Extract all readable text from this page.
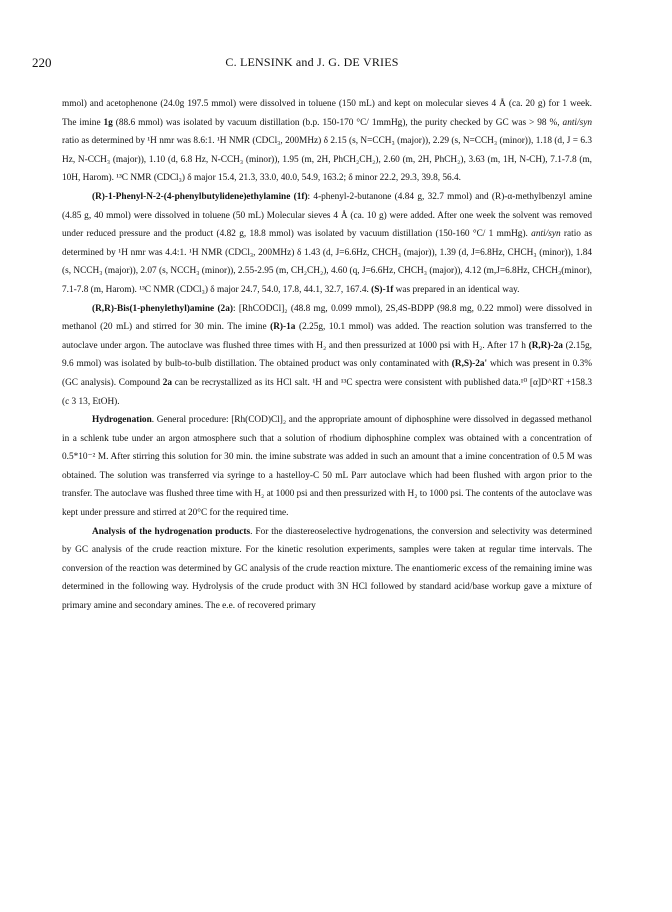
220	C. LENSINK and J. G. DE VRIES

mmol) and acetophenone (24.0g 197.5 mmol) were dissolved in toluene (150 mL) and kept on molecular sieves 4 Å (ca. 20 g) for 1 week. The imine 1g (88.6 mmol) was isolated by vacuum distillation (b.p. 150-170 °C/ 1mmHg), the purity checked by GC was > 98 %, anti/syn ratio as determined by ¹H nmr was 8.6:1. ¹H NMR (CDCl₃, 200MHz) δ 2.15 (s, N=CCH₃ (major)), 2.29 (s, N=CCH₃ (minor)), 1.18 (d, J = 6.3 Hz, N-CCH₃ (major)), 1.10 (d, 6.8 Hz, N-CCH₃ (minor)), 1.95 (m, 2H, PhCH₂CH₂), 2.60 (m, 2H, PhCH₂), 3.63 (m, 1H, N-CH), 7.1-7.8 (m, 10H, Harom). ¹³C NMR (CDCl₃) δ major 15.4, 21.3, 33.0, 40.0, 54.9, 163.2; δ minor 22.2, 29.3, 39.8, 56.4.

(R)-1-Phenyl-N-2-(4-phenylbutylidene)ethylamine (1f): 4-phenyl-2-butanone (4.84 g, 32.7 mmol) and (R)-α-methylbenzyl amine (4.85 g, 40 mmol) were dissolved in toluene (50 mL) Molecular sieves 4 Å (ca. 10 g) were added. After one week the solvent was removed under reduced pressure and the product (4.82 g, 18.8 mmol) was isolated by vacuum distillation (150-160 °C/ 1 mmHg). anti/syn ratio as determined by ¹H nmr was 4.4:1. ¹H NMR (CDCl₃, 200MHz) δ 1.43 (d, J=6.6Hz, CHCH₃ (major)), 1.39 (d, J=6.8Hz, CHCH₃ (minor)), 1.84 (s, NCCH₃ (major)), 2.07 (s, NCCH₃ (minor)), 2.55-2.95 (m, CH₂CH₂), 4.60 (q, J=6.6Hz, CHCH₃ (major)), 4.12 (m,J=6.8Hz, CHCH₃(minor), 7.1-7.8 (m, Harom). ¹³C NMR (CDCl₃) δ major 24.7, 54.0, 17.8, 44.1, 32.7, 167.4. (S)-1f was prepared in an identical way.

(R,R)-Bis(1-phenylethyl)amine (2a): [RhCODCl]₂ (48.8 mg, 0.099 mmol), 2S,4S-BDPP (98.8 mg, 0.22 mmol) were dissolved in methanol (20 mL) and stirred for 30 min. The imine (R)-1a (2.25g, 10.1 mmol) was added. The reaction solution was transferred to the autoclave under argon. The autoclave was flushed three times with H₂ and then pressurized at 1000 psi with H₂. After 17 h (R,R)-2a (2.15g, 9.6 mmol) was isolated by bulb-to-bulb distillation. The obtained product was only contaminated with (R,S)-2a' which was present in 0.3% (GC analysis). Compound 2a can be recrystallized as its HCl salt. ¹H and ¹³C spectra were consistent with published data.¹⁰ [α]D^RT +158.3 (c 3 13, EtOH).

Hydrogenation. General procedure: [Rh(COD)Cl]₂ and the appropriate amount of diphosphine were dissolved in degassed methanol in a schlenk tube under an argon atmosphere such that a solution of rhodium diphosphine complex was obtained with a concentration of 0.5*10⁻² M. After stirring this solution for 30 min. the imine substrate was added in such an amount that a imine concentration of 0.5 M was obtained. The solution was transferred via syringe to a hastelloy-C 50 mL Parr autoclave which had been flushed with argon prior to the transfer. The autoclave was flushed three time with H₂ at 1000 psi and then pressurized with H₂ to 1000 psi. The contents of the autoclave was kept under pressure and stirred at 20°C for the required time.

Analysis of the hydrogenation products. For the diastereoselective hydrogenations, the conversion and selectivity was determined by GC analysis of the crude reaction mixture. For the kinetic resolution experiments, samples were taken at regular time intervals. The conversion of the reaction was determined by GC analysis of the crude reaction mixture. The enantiomeric excess of the remaining imine was determined in the following way. Hydrolysis of the crude product with 3N HCl followed by standard acid/base workup gave a mixture of primary amine and secondary amines. The e.e. of recovered primary
